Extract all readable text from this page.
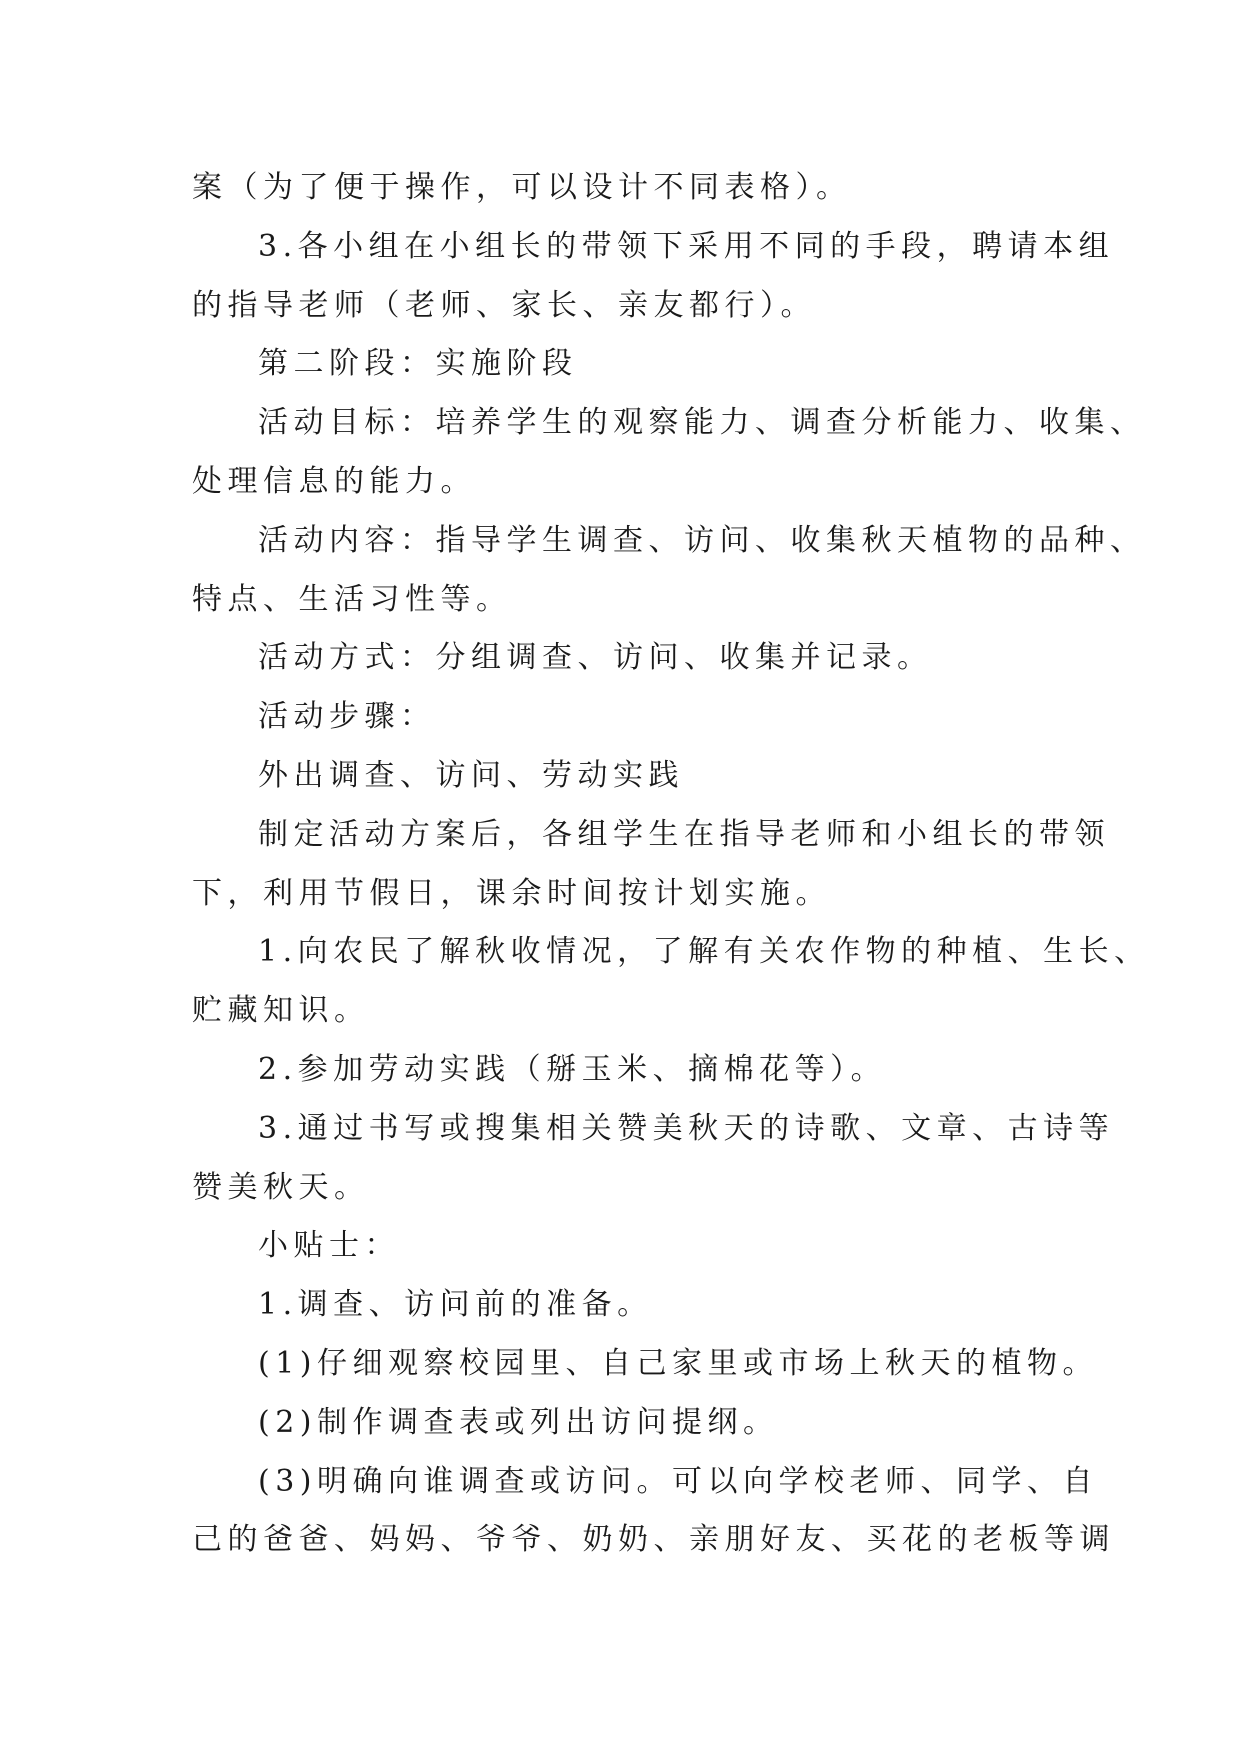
案（为了便于操作，可以设计不同表格）。
3.各小组在小组长的带领下采用不同的手段，聘请本组
的指导老师（老师、家长、亲友都行）。
第二阶段：实施阶段
活动目标：培养学生的观察能力、调查分析能力、收集、
处理信息的能力。
活动内容：指导学生调查、访问、收集秋天植物的品种、
特点、生活习性等。
活动方式：分组调查、访问、收集并记录。
活动步骤：
外出调查、访问、劳动实践
制定活动方案后，各组学生在指导老师和小组长的带领
下，利用节假日，课余时间按计划实施。
1.向农民了解秋收情况，了解有关农作物的种植、生长、
贮藏知识。
2.参加劳动实践（掰玉米、摘棉花等）。
3.通过书写或搜集相关赞美秋天的诗歌、文章、古诗等
赞美秋天。
小贴士：
1.调查、访问前的准备。
(1)仔细观察校园里、自己家里或市场上秋天的植物。
(2)制作调查表或列出访问提纲。
(3)明确向谁调查或访问。可以向学校老师、同学、自
己的爸爸、妈妈、爷爷、奶奶、亲朋好友、买花的老板等调
